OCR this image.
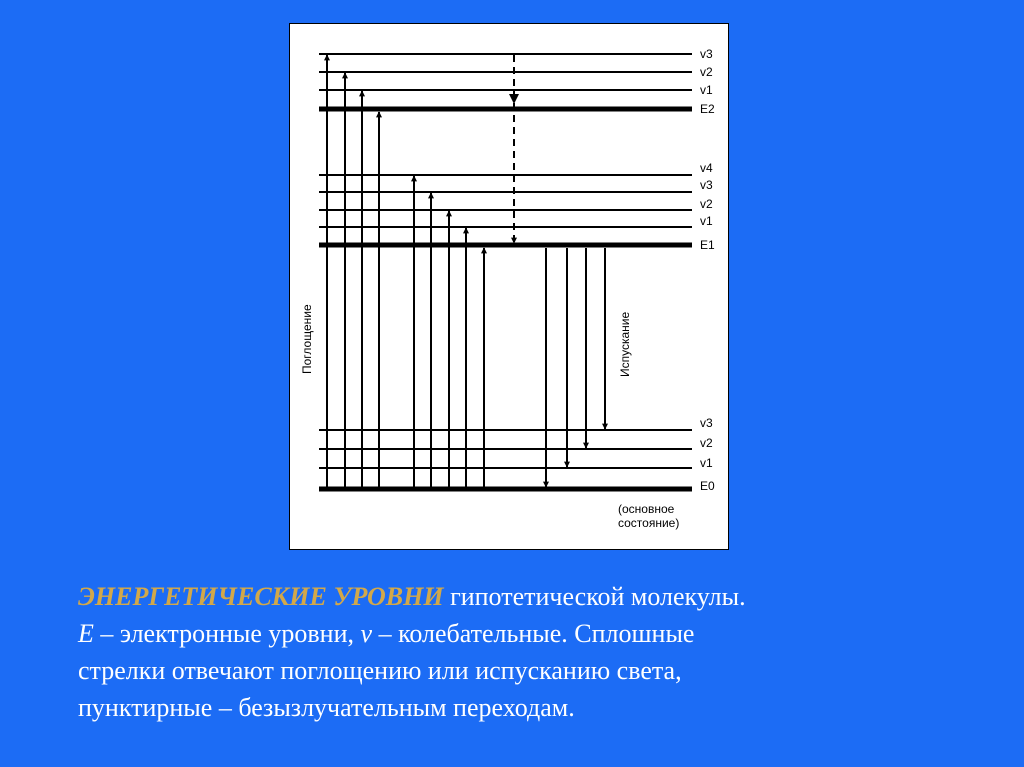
v3
v2
v1
E2
v4
v3
v2
v1
E1
v3
v2
v1
E0
(основное
состояние)
Поглощение	Испускание
ЭНЕРГЕТИЧЕСКИЕ УРОВНИ гипотетической молекулы.
E – электронные уровни, v – колебательные. Сплошные
стрелки отвечают поглощению или испусканию света,
пунктирные – безызлучательным переходам.
